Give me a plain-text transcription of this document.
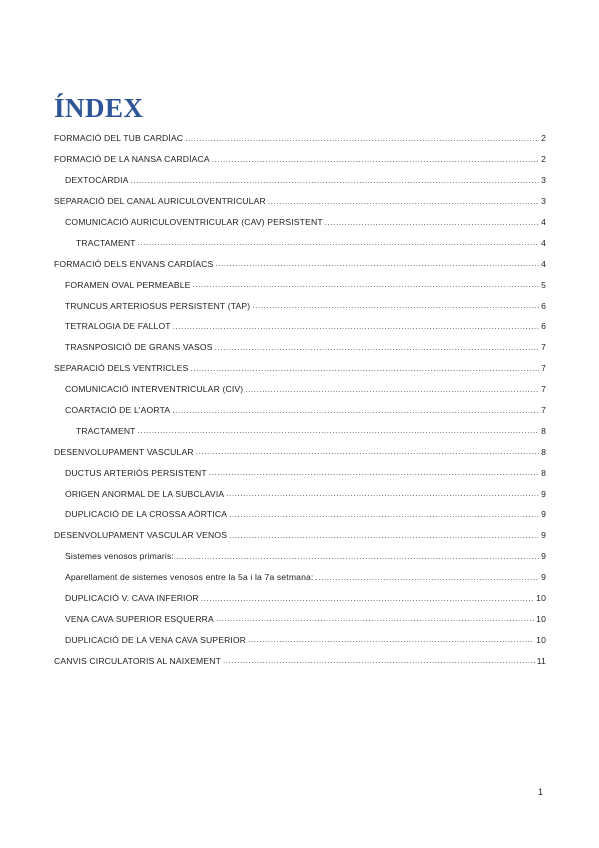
ÍNDEX
FORMACIÓ DEL TUB CARDÍAC .....	2
FORMACIÓ DE LA NANSA CARDÍACA .....	2
DEXTOCÀRDIA .....	3
SEPARACIÓ DEL CANAL AURICULOVENTRICULAR .....	3
COMUNICACIÓ AURICULOVENTRICULAR (CAV) PERSISTENT .....	4
TRACTAMENT .....	4
FORMACIÓ DELS ENVANS CARDÍACS .....	4
FORAMEN OVAL PERMEABLE .....	5
TRUNCUS ARTERIOSUS PERSISTENT (TAP) .....	6
TETRALOGIA DE FALLOT .....	6
TRASNPOSICIÓ DE GRANS VASOS .....	7
SEPARACIÓ DELS VENTRICLES .....	7
COMUNICACIÓ INTERVENTRICULAR (CIV) .....	7
COARTACIÓ DE L'AORTA .....	7
TRACTAMENT .....	8
DESENVOLUPAMENT VASCULAR .....	8
DUCTUS ARTERIÓS PERSISTENT .....	8
ORIGEN ANORMAL DE LA SUBCLAVIA .....	9
DUPLICACIÓ DE LA CROSSA AÒRTICA .....	9
DESENVOLUPAMENT VASCULAR VENOS .....	9
Sistemes venosos primaris: .....	9
Aparellament de sistemes venosos entre la 5a i la 7a setmana: .....	9
DUPLICACIÓ V. CAVA INFERIOR .....	10
VENA CAVA SUPERIOR ESQUERRA .....	10
DUPLICACIÓ DE LA VENA CAVA SUPERIOR .....	10
CANVIS CIRCULATORIS AL NAIXEMENT .....	11
1
